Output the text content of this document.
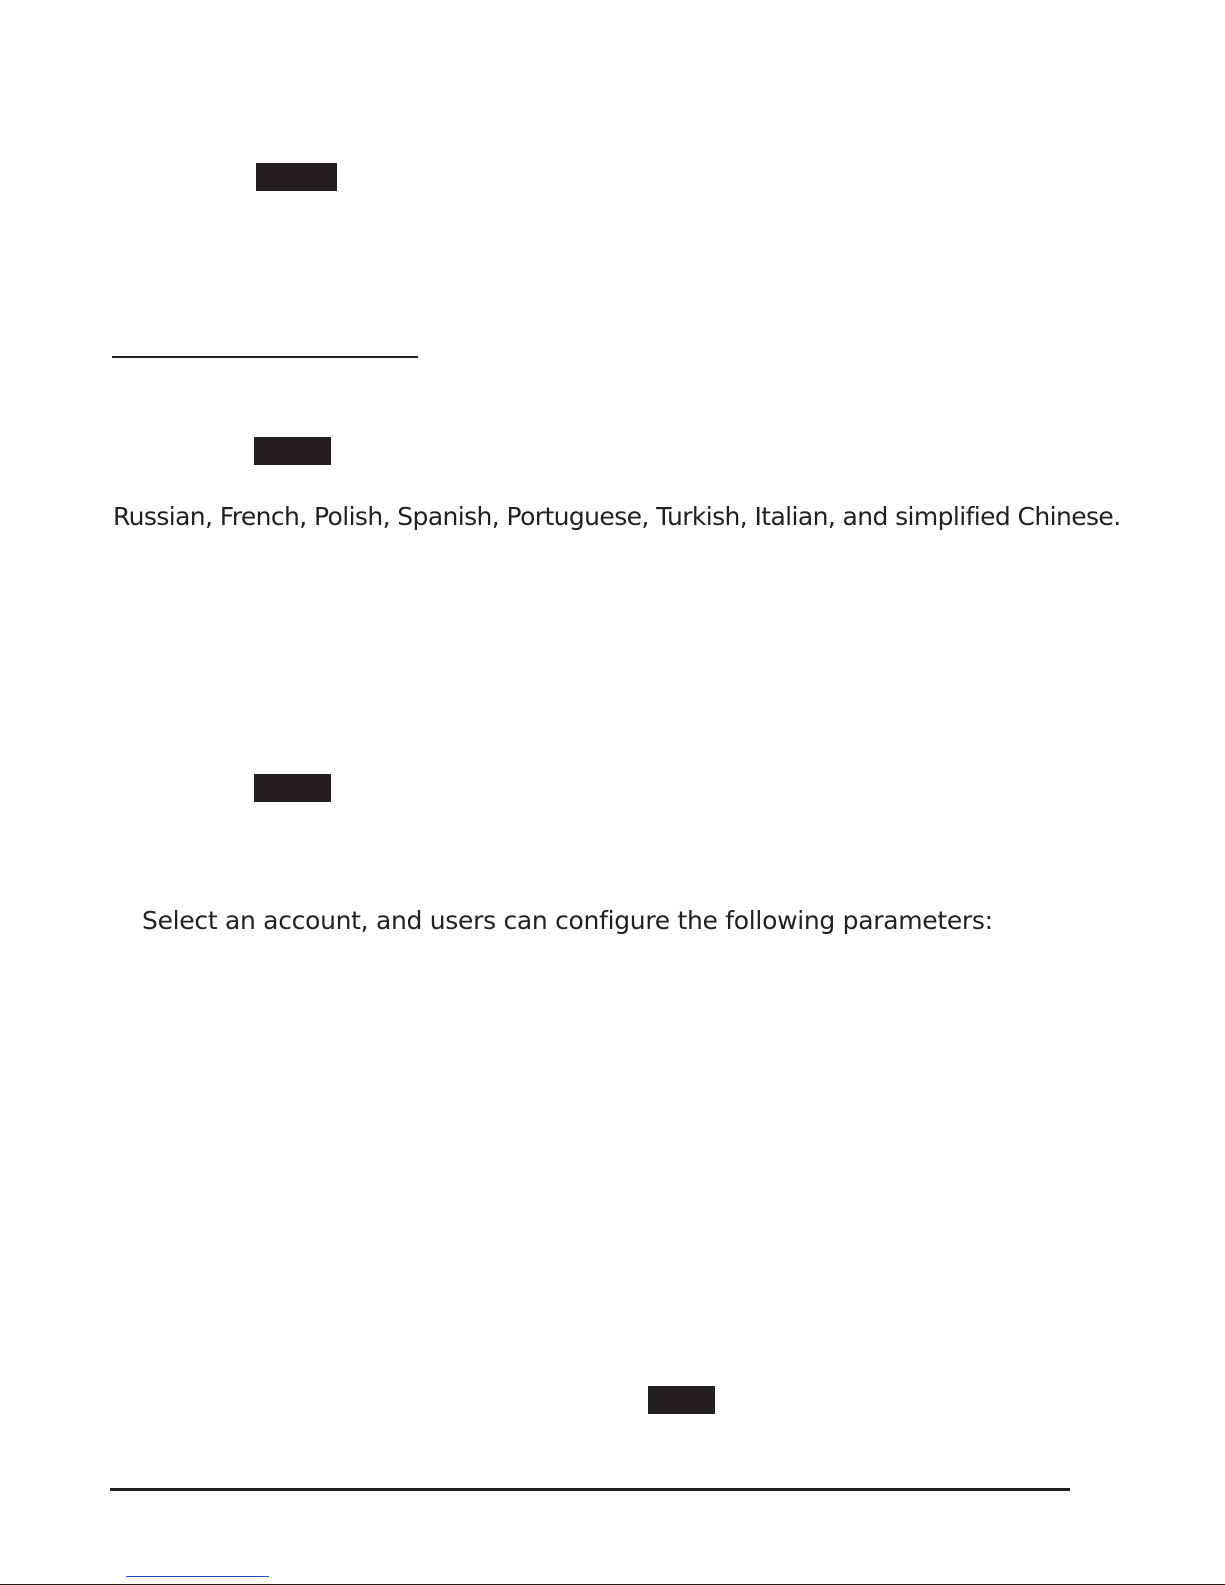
Russian, French, Polish, Spanish, Portuguese, Turkish, Italian, and simplified Chinese.
Select an account, and users can configure the following parameters:
